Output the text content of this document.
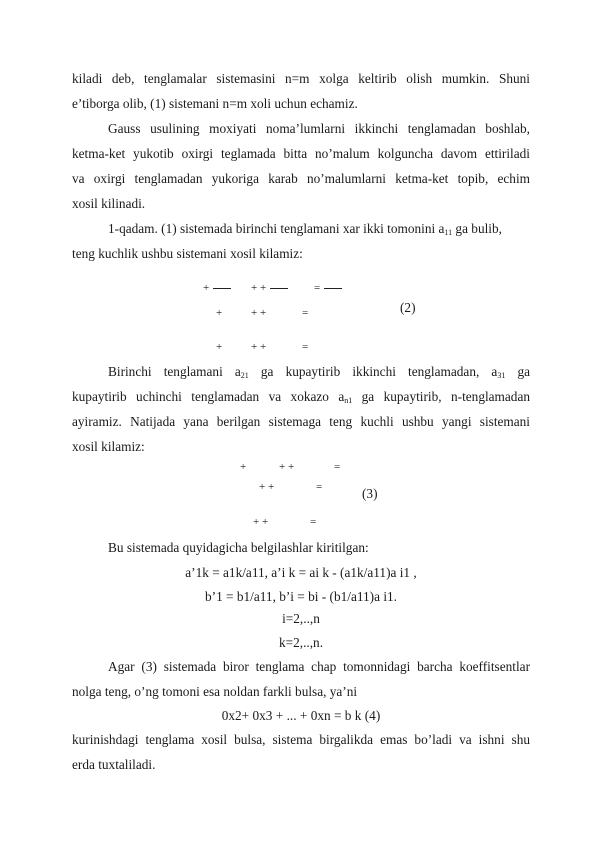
kiladi deb, tenglamalar sistemasini n=m xolga keltirib olish mumkin. Shuni
e’tiborga olib, (1) sistemani n=m xoli uchun echamiz.
Gauss usulining moxiyati noma’lumlarni ikkinchi tenglamadan boshlab,
ketma-ket yukotib oxirgi teglamada bitta no’malum kolguncha davom ettiriladi
va oxirgi tenglamadan yukoriga karab no’malumlarni ketma-ket topib, echim
xosil kilinadi.
1-qadam. (1) sistemada birinchi tenglamani xar ikki tomonini $a_{11}$ ga bulib,
teng kuchlik ushbu sistemani xosil kilamiz:
+	+ +	=
+	+ +	=
+	+ +	=
(2)
Birinchi tenglamani $a_{21}$ ga kupaytirib ikkinchi tenglamadan, $a_{31}$ ga
kupaytirib uchinchi tenglamadan va xokazo $a_{n1}$ ga kupaytirib, n-tenglamadan
ayiramiz. Natijada yana berilgan sistemaga teng kuchli ushbu yangi sistemani
xosil kilamiz:
+	+ +	=
+ +	=
+ +	=
(3)
Bu sistemada quyidagicha belgilashlar kiritilgan:
a’1k = a1k/a11, a’i k = ai k - (a1k/a11)a i1 ,
b’1 = b1/a11, b’i = bi - (b1/a11)a i1.
i=2,..,n
k=2,..,n.
Agar (3) sistemada biror tenglama chap tomonnidagi barcha koeffitsentlar
nolga teng, o’ng tomoni esa noldan farkli bulsa, ya’ni
0x2+ 0x3 + ... + 0xn = b k (4)
kurinishdagi tenglama xosil bulsa, sistema birgalikda emas bo’ladi va ishni shu
erda tuxtaliladi.
